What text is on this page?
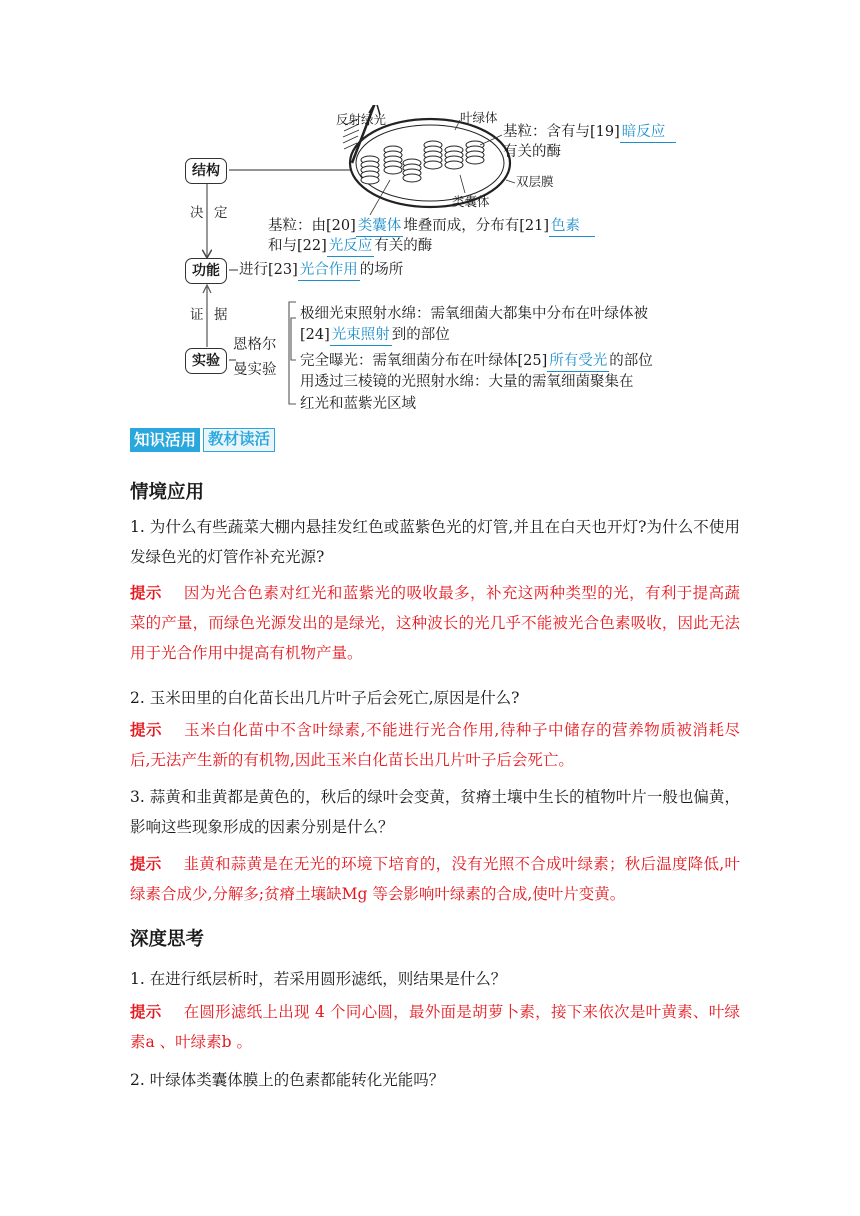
反射绿光	叶绿体
双层膜
类囊体
基粒：含有与[19] 暗反应
有关的酶
基粒：由[20] 类囊体 堆叠而成，分布有[21] 色素
和与[22] 光反应 有关的酶
结构
功能
实验
决 定
证 据
进行[23] 光合作用 的场所
恩格尔
曼实验
极细光束照射水绵：需氧细菌大都集中分布在叶绿体被
[24] 光束照射 到的部位
完全曝光：需氧细菌分布在叶绿体[25] 所有受光 的部位
用透过三棱镜的光照射水绵：大量的需氧细菌聚集在
红光和蓝紫光区域
知识活用 教材读活
情境应用
1. 为什么有些蔬菜大棚内悬挂发红色或蓝紫色光的灯管,并且在白天也开灯?为什么不使用发绿色光的灯管作补充光源?
提示 因为光合色素对红光和蓝紫光的吸收最多，补充这两种类型的光，有利于提高蔬菜的产量，而绿色光源发出的是绿光，这种波长的光几乎不能被光合色素吸收，因此无法用于光合作用中提高有机物产量。
2. 玉米田里的白化苗长出几片叶子后会死亡,原因是什么?
提示 玉米白化苗中不含叶绿素,不能进行光合作用,待种子中储存的营养物质被消耗尽后,无法产生新的有机物,因此玉米白化苗长出几片叶子后会死亡。
3. 蒜黄和韭黄都是黄色的，秋后的绿叶会变黄，贫瘠土壤中生长的植物叶片一般也偏黄，影响这些现象形成的因素分别是什么？
提示 韭黄和蒜黄是在无光的环境下培育的，没有光照不合成叶绿素；秋后温度降低,叶绿素合成少,分解多;贫瘠土壤缺Mg 等会影响叶绿素的合成,使叶片变黄。
深度思考
1. 在进行纸层析时，若采用圆形滤纸，则结果是什么？
提示 在圆形滤纸上出现 4 个同心圆，最外面是胡萝卜素，接下来依次是叶黄素、叶绿素a 、叶绿素b 。
2. 叶绿体类囊体膜上的色素都能转化光能吗？
